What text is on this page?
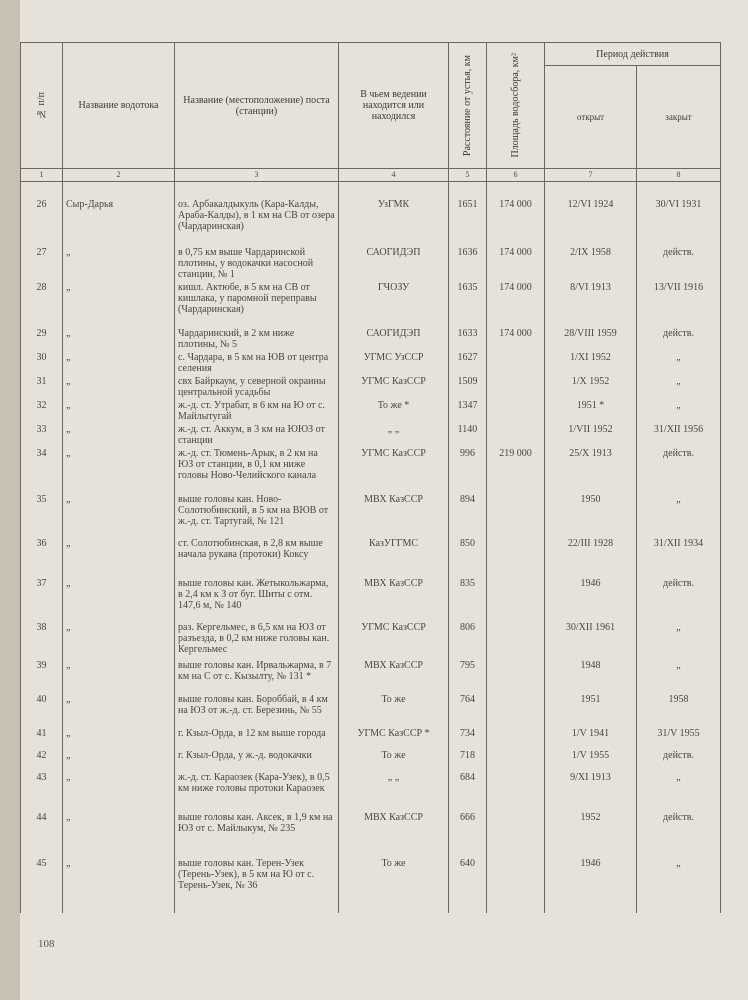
№ п/п	Название водотока	Название (местоположение) поста (станции)	В чьем ведении находится или находился	Расстояние от устья, км	Площадь водосбора, км²	Период действия	
						открыт	закрыт
1	2	3	4	5	6	7	8

26	Сыр-Дарья	оз. Арбакалдыкуль (Кара-Калды, Араба-Калды), в 1 км на СВ от озера (Чардаринская)	УзГМК	1651	174 000	12/VI 1924	30/VI 1931
27	„	в 0,75 км выше Чардаринской плотины, у водокачки насосной станции, № 1	САОГИДЭП	1636	174 000	2/IX 1958	действ.
28	„	кишл. Актюбе, в 5 км на СВ от кишлака, у паромной переправы (Чардаринская)	ГЧОЗУ	1635	174 000	8/VI 1913	13/VII 1916
29	„	Чардаринский, в 2 км ниже плотины, № 5	САОГИДЭП	1633	174 000	28/VIII 1959	действ.
30	„	с. Чардара, в 5 км на ЮВ от центра селения	УГМС УзССР	1627		1/XI 1952	„
31	„	свх Байркаум, у северной окраины центральной усадьбы	УГМС КазССР	1509		1/X 1952	„
32	„	ж.-д. ст. Утрабат, в 6 км на Ю от с. Майлытугай	То же *	1347		1951 *	„
33	„	ж.-д. ст. Аккум, в 3 км на ЮЮЗ от станции	„ „	1140		1/VII 1952	31/XII 1956
34	„	ж.-д. ст. Тюмень-Арык, в 2 км на ЮЗ от станции, в 0,1 км ниже головы Ново-Челийского канала	УГМС КазССР	996	219 000	25/X 1913	действ.
35	„	выше головы кан. Ново-Солотюбинский, в 5 км на ВЮВ от ж.-д. ст. Тартугай, № 121	МВХ КазССР	894		1950	„
36	„	ст. Солотюбинская, в 2,8 км выше начала рукава (протоки) Коксу	КазУГГМС	850		22/III 1928	31/XII 1934
37	„	выше головы кан. Жетыкольжарма, в 2,4 км к З от буг. Шиты с отм. 147,6 м, № 140	МВХ КазССР	835		1946	действ.
38	„	раз. Кергельмес, в 6,5 км на ЮЗ от разъезда, в 0,2 км ниже головы кан. Кергельмес	УГМС КазССР	806		30/XII 1961	„
39	„	выше головы кан. Ирвальжарма, в 7 км на С от с. Кызылту, № 131 *	МВХ КазССР	795		1948	„
40	„	выше головы кан. Бороббай, в 4 км на ЮЗ от ж.-д. ст. Березинь, № 55	То же	764		1951	1958
41	„	г. Кзыл-Орда, в 12 км выше города	УГМС КазССР *	734		1/V 1941	31/V 1955
42	„	г. Кзыл-Орда, у ж.-д. водокачки	То же	718		1/V 1955	действ.
43	„	ж.-д. ст. Караозек (Кара-Узек), в 0,5 км ниже головы протоки Караозек	„ „	684		9/XI 1913	„
44	„	выше головы кан. Аксек, в 1,9 км на ЮЗ от с. Майлыкум, № 235	МВХ КазССР	666		1952	действ.
45	„	выше головы кан. Терен-Узек (Терень-Узек), в 5 км на Ю от с. Терень-Узек, № 36	То же	640		1946	„
108
